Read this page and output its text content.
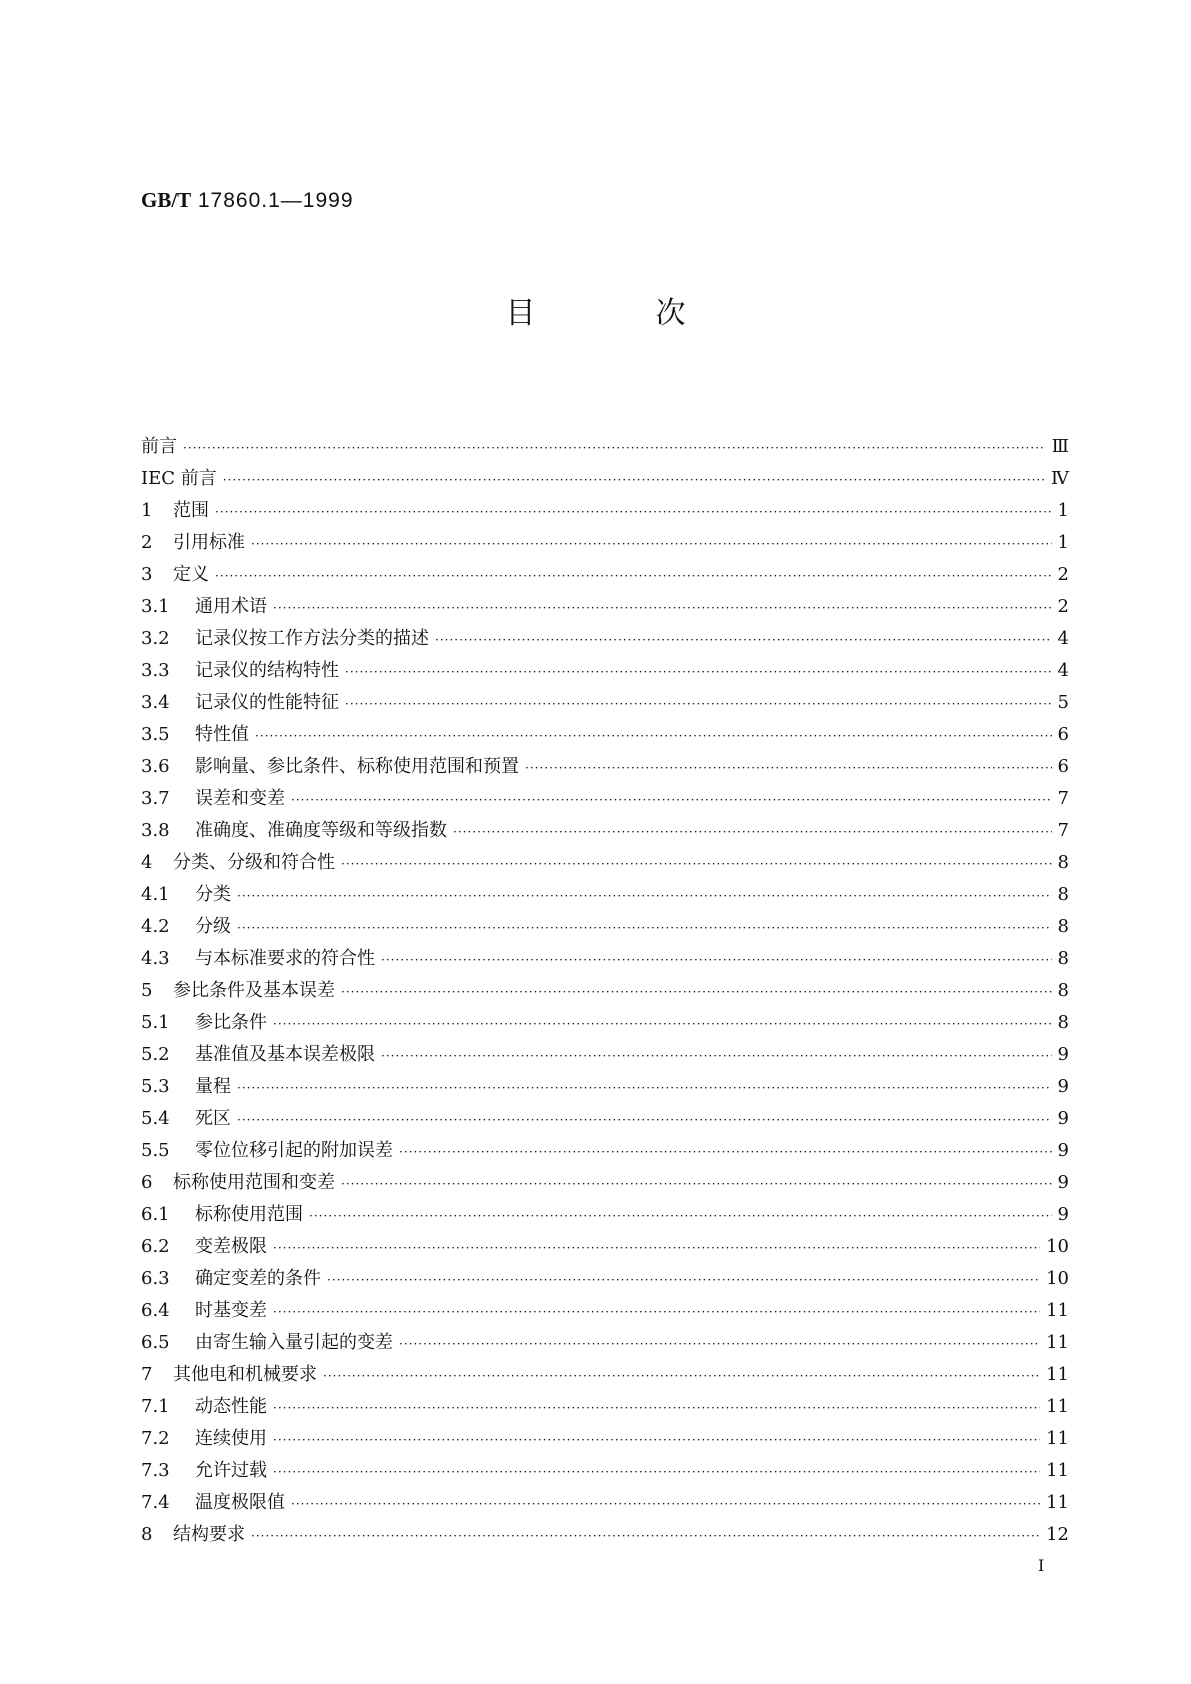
GB/T 17860.1—1999
目	次
前言 ·····	Ⅲ
IEC 前言 ·····	Ⅳ
1	范围 ·····	1
2	引用标准 ·····	1
3	定义 ·····	2
3.1	通用术语 ·····	2
3.2	记录仪按工作方法分类的描述 ·····	4
3.3	记录仪的结构特性 ·····	4
3.4	记录仪的性能特征 ·····	5
3.5	特性值 ·····	6
3.6	影响量、参比条件、标称使用范围和预置 ·····	6
3.7	误差和变差 ·····	7
3.8	准确度、准确度等级和等级指数 ·····	7
4	分类、分级和符合性 ·····	8
4.1	分类 ·····	8
4.2	分级 ·····	8
4.3	与本标准要求的符合性 ·····	8
5	参比条件及基本误差 ·····	8
5.1	参比条件 ·····	8
5.2	基准值及基本误差极限 ·····	9
5.3	量程 ·····	9
5.4	死区 ·····	9
5.5	零位位移引起的附加误差 ·····	9
6	标称使用范围和变差 ·····	9
6.1	标称使用范围 ·····	9
6.2	变差极限 ·····	10
6.3	确定变差的条件 ·····	10
6.4	时基变差 ·····	11
6.5	由寄生输入量引起的变差 ·····	11
7	其他电和机械要求 ·····	11
7.1	动态性能 ·····	11
7.2	连续使用 ·····	11
7.3	允许过载 ·····	11
7.4	温度极限值 ·····	11
8	结构要求 ·····	12
I
